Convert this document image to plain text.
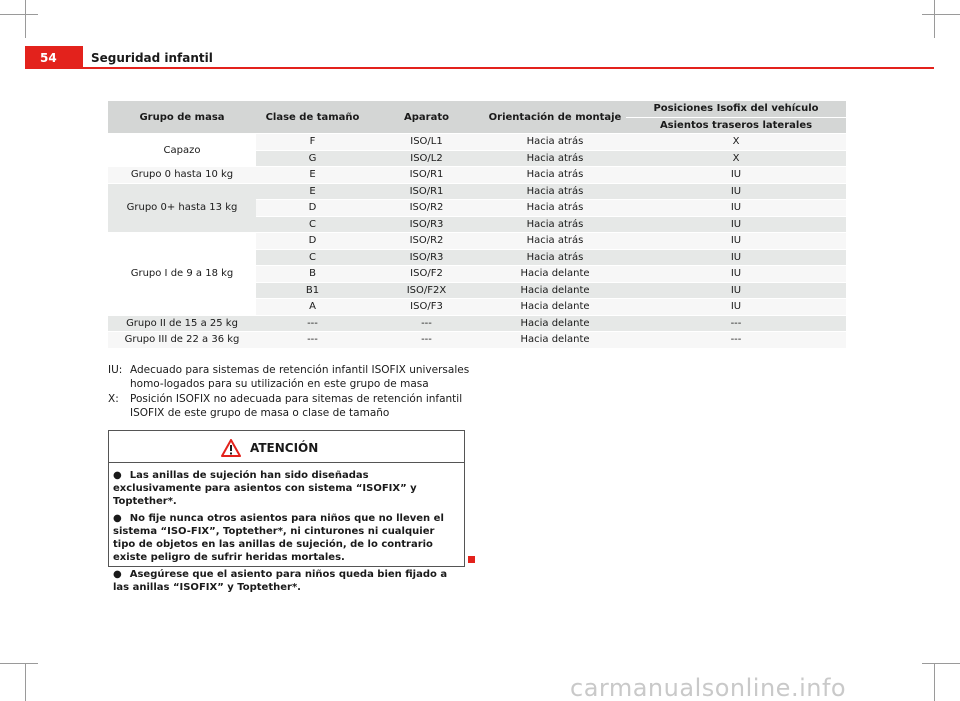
54	Seguridad infantil
Grupo de masa	Clase de tamaño	Aparato	Orientación de montaje	Posiciones Isofix del vehículo
				Asientos traseros laterales
Capazo	F	ISO/L1	Hacia atrás	X
	G	ISO/L2	Hacia atrás	X
Grupo 0 hasta 10 kg	E	ISO/R1	Hacia atrás	IU
Grupo 0+ hasta 13 kg	E	ISO/R1	Hacia atrás	IU
	D	ISO/R2	Hacia atrás	IU
	C	ISO/R3	Hacia atrás	IU
Grupo I de 9 a 18 kg	D	ISO/R2	Hacia atrás	IU
	C	ISO/R3	Hacia atrás	IU
	B	ISO/F2	Hacia delante	IU
	B1	ISO/F2X	Hacia delante	IU
	A	ISO/F3	Hacia delante	IU
Grupo II de 15 a 25 kg	---	---	Hacia delante	---
Grupo III de 22 a 36 kg	---	---	Hacia delante	---
IU: Adecuado para sistemas de retención infantil ISOFIX universales homo-logados para su utilización en este grupo de masa
X:	Posición ISOFIX no adecuada para sitemas de retención infantil ISOFIX de este grupo de masa o clase de tamaño
ATENCIÓN

● Las anillas de sujeción han sido diseñadas exclusivamente para asientos con sistema “ISOFIX” y Toptether*.

● No fije nunca otros asientos para niños que no lleven el sistema “ISO-FIX”, Toptether*, ni cinturones ni cualquier tipo de objetos en las anillas de sujeción, de lo contrario existe peligro de sufrir heridas mortales.

● Asegúrese que el asiento para niños queda bien fijado a las anillas “ISOFIX” y Toptether*.

carmanualsonline.info
